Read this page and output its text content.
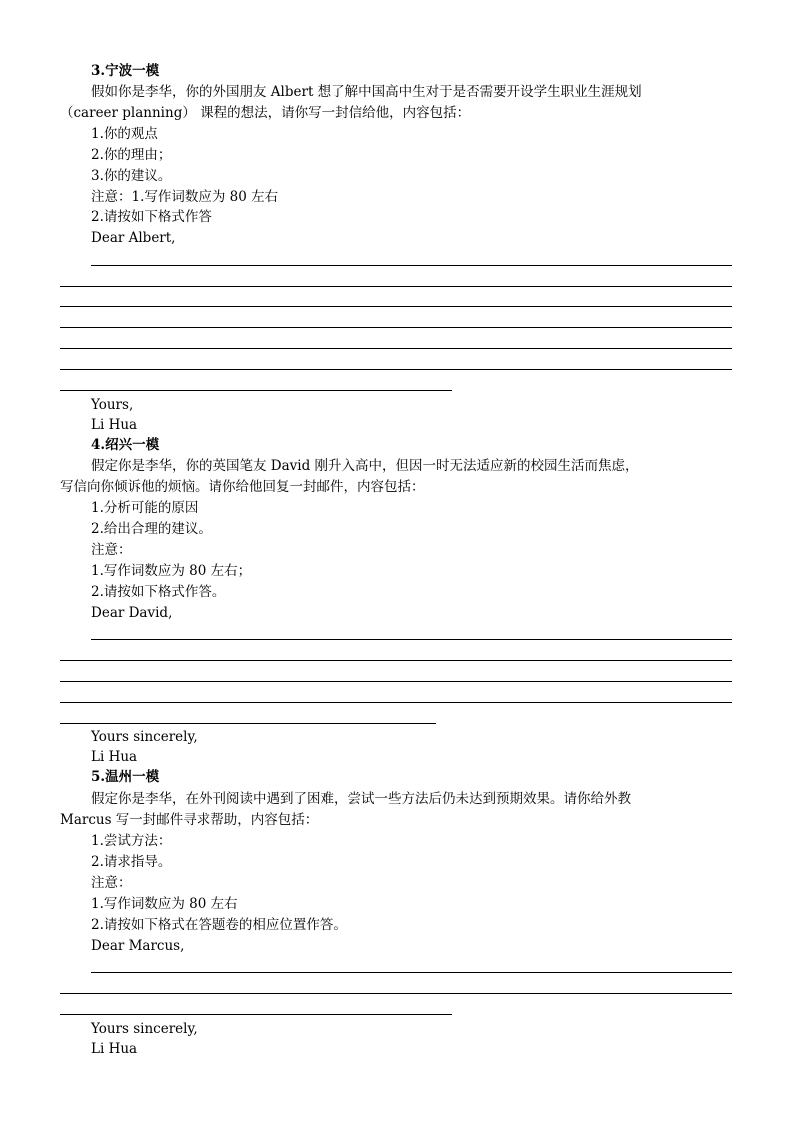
3.宁波一模
假如你是李华，你的外国朋友 Albert 想了解中国高中生对于是否需要开设学生职业生涯规划
（career planning） 课程的想法，请你写一封信给他，内容包括：
1.你的观点
2.你的理由；
3.你的建议。
注意：1.写作词数应为 80 左右
2.请按如下格式作答
Dear Albert,
Yours,
Li Hua
4.绍兴一模
假定你是李华，你的英国笔友 David 刚升入高中，但因一时无法适应新的校园生活而焦虑，
写信向你倾诉他的烦恼。请你给他回复一封邮件，内容包括：
1.分析可能的原因
2.给出合理的建议。
注意：
1.写作词数应为 80 左右；
2.请按如下格式作答。
Dear David,
Yours sincerely,
Li Hua
5.温州一模
假定你是李华，在外刊阅读中遇到了困难，尝试一些方法后仍未达到预期效果。请你给外教
Marcus 写一封邮件寻求帮助，内容包括：
1.尝试方法：
2.请求指导。
注意：
1.写作词数应为 80 左右
2.请按如下格式在答题卷的相应位置作答。
Dear Marcus,
Yours sincerely,
Li Hua
